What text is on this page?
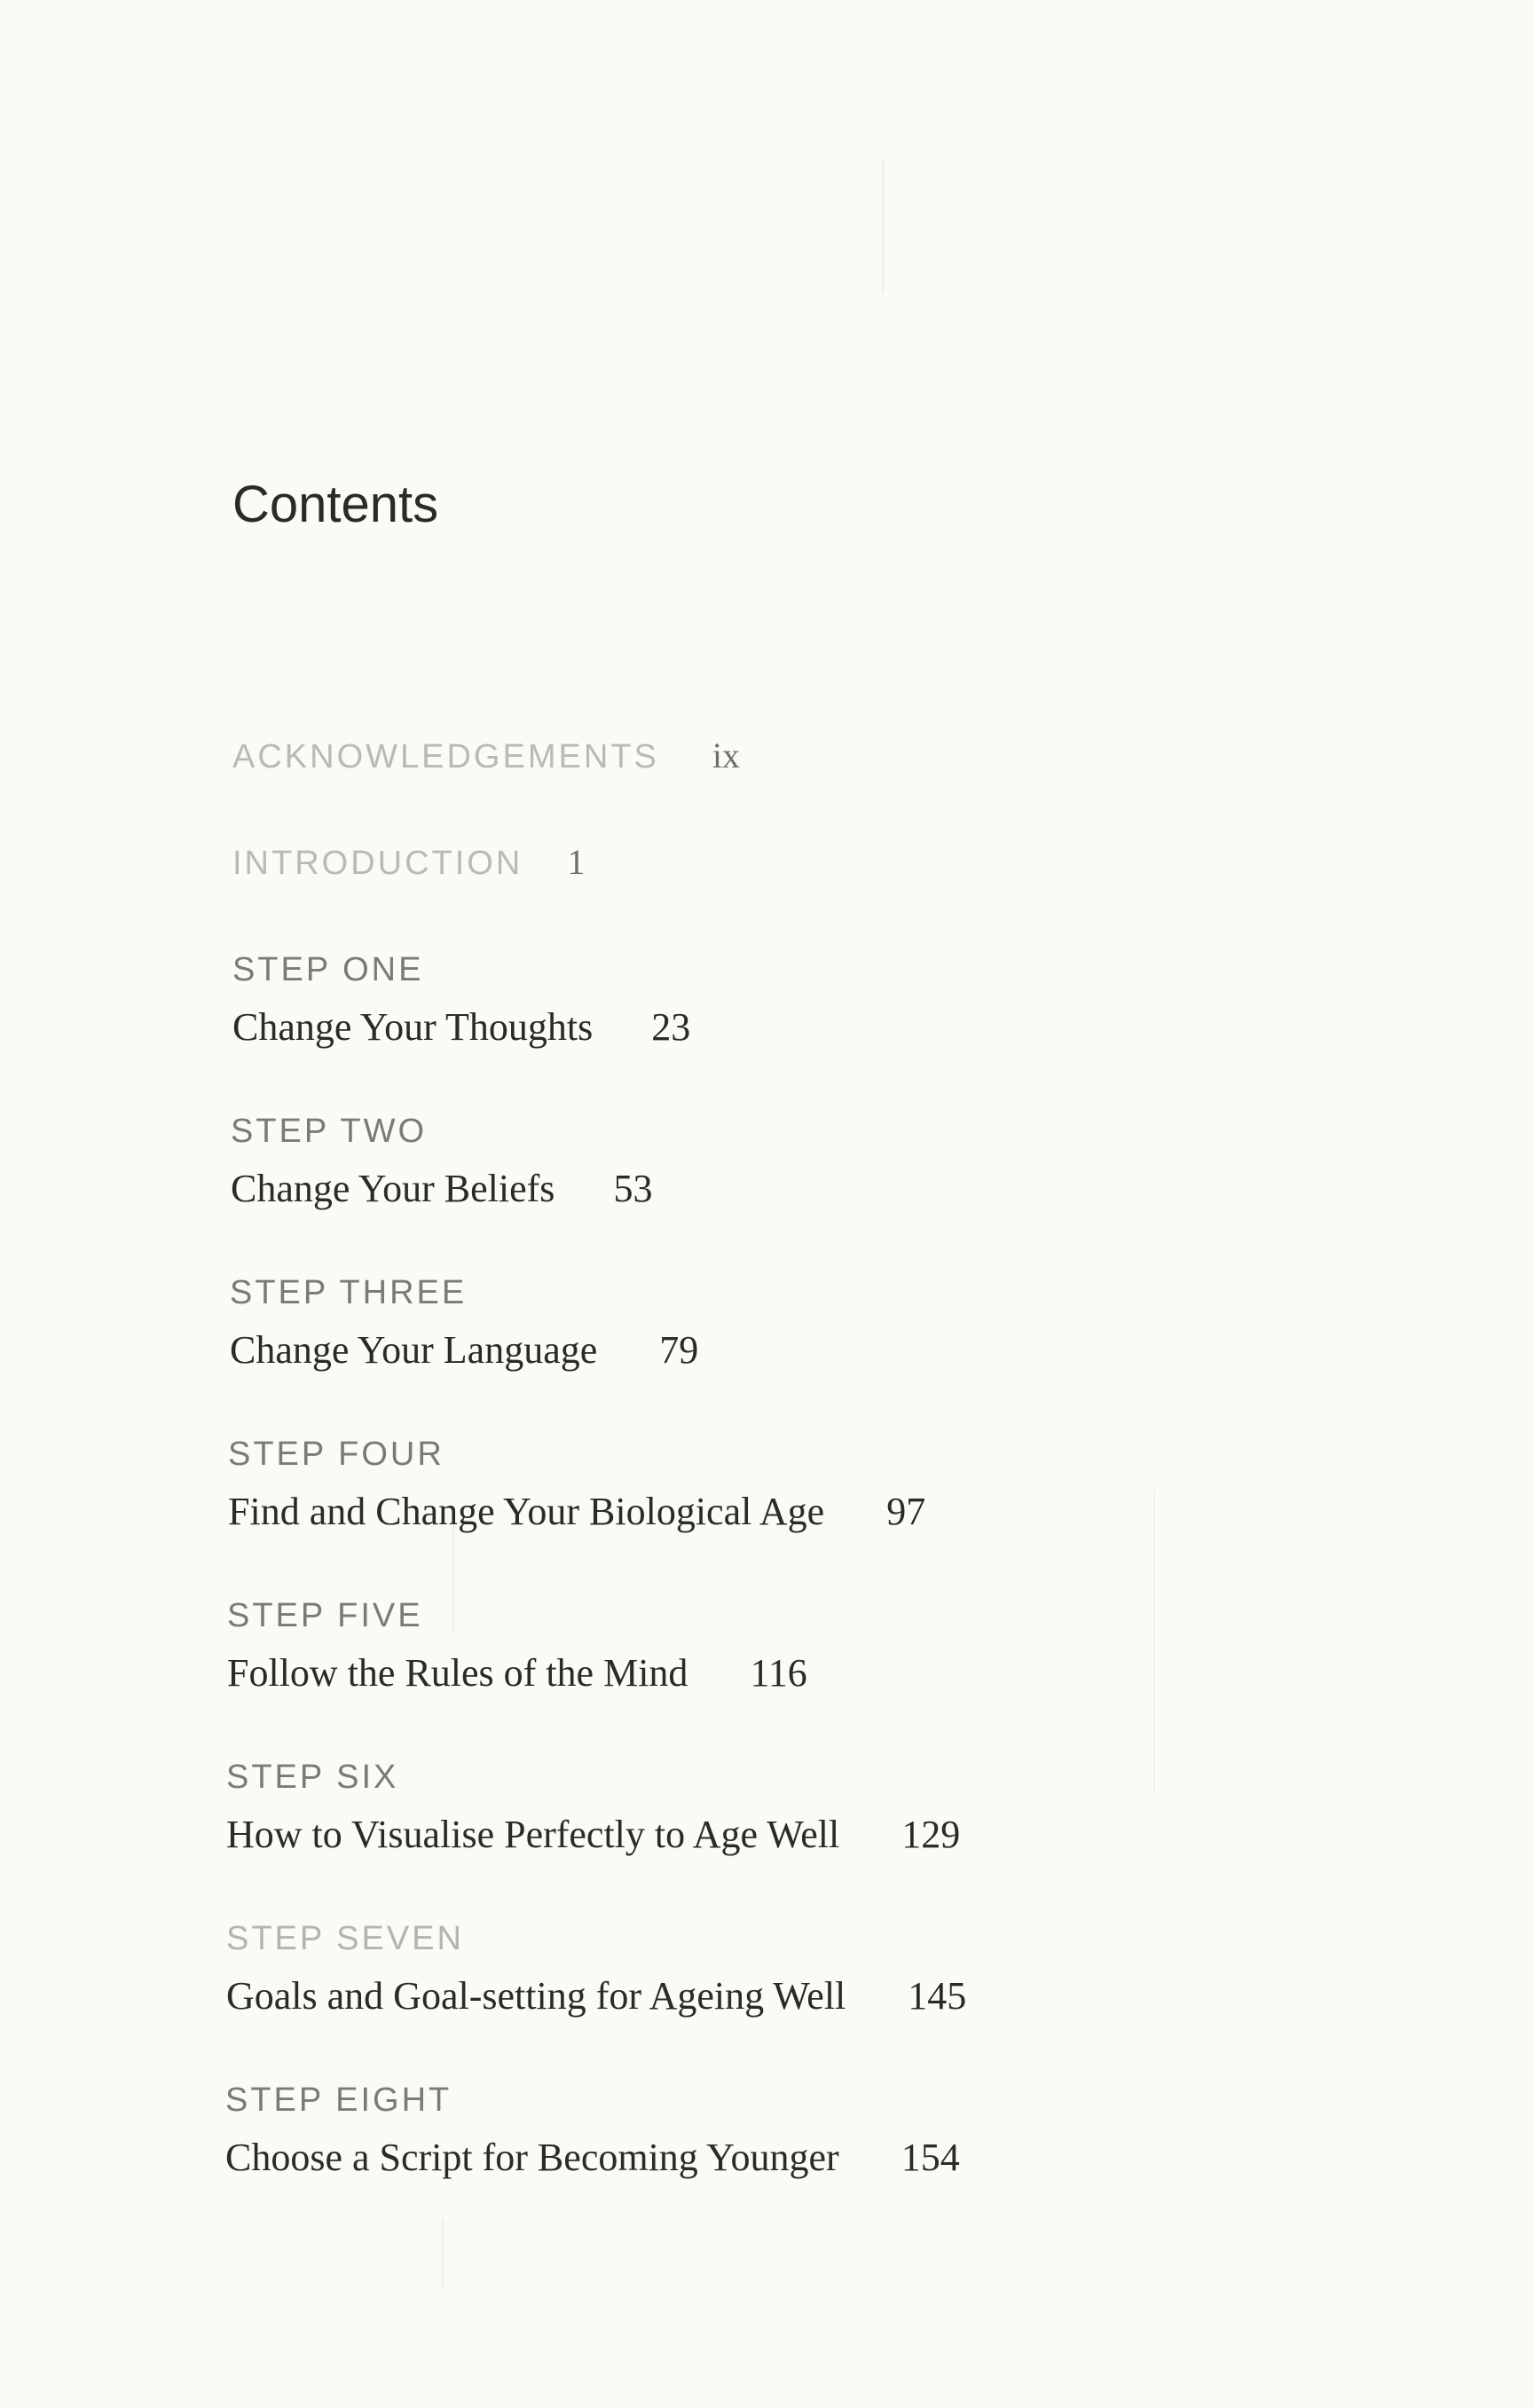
Contents
ACKNOWLEDGEMENTS ix
INTRODUCTION 1
STEP ONE
Change Your Thoughts 23
STEP TWO
Change Your Beliefs 53
STEP THREE
Change Your Language 79
STEP FOUR
Find and Change Your Biological Age 97
STEP FIVE
Follow the Rules of the Mind 116
STEP SIX
How to Visualise Perfectly to Age Well 129
STEP SEVEN
Goals and Goal-setting for Ageing Well 145
STEP EIGHT
Choose a Script for Becoming Younger 154
